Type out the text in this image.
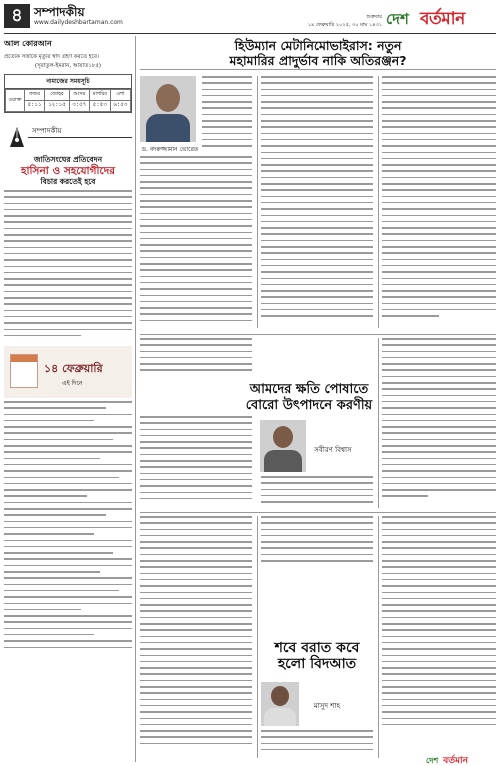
৪ সম্পাদকীয়
www.dailydeshbartaman.com
শুক্রবার
১৪ ফেব্রুয়ারি ২০২৫, ৩০ মাঘ ১৪৩১ দেশ বর্তমান
আল কোরআন
প্রত্যেক সত্তাকে মৃত্যুর স্বাদ গ্রহণ করতে হবে।
(সূরাতুল-ইমরান, আয়াত১৮৫)
নামাজের সময়সূচি
ওয়াক্ত	ফজর	জোহর	আসর	মাগরিব	এশা
	৫:১১	১২:১৫	৩:৫৭	৫:৫৩	৬:৫৩
সম্পাদকীয়
জাতিসংঘের প্রতিবেদন
হাসিনা ও সহযোগীদের
বিচার করতেই হবে
১৪ ফেব্রুয়ারি
এই দিনে
হিউম্যান মেটানিমোভাইরাস: নতুন
মহামারির প্রাদুর্ভাব নাকি অতিরঞ্জন?
ড. বদরুজ্জামান ভোরেত
আমদের ক্ষতি পোষাতে
বোরো উৎপাদনে করণীয়
সবীরণ বিশ্বাস
শবে বরাত কবে
হলো বিদআত
মাসুদ শাহ
দেশ বর্তমান
